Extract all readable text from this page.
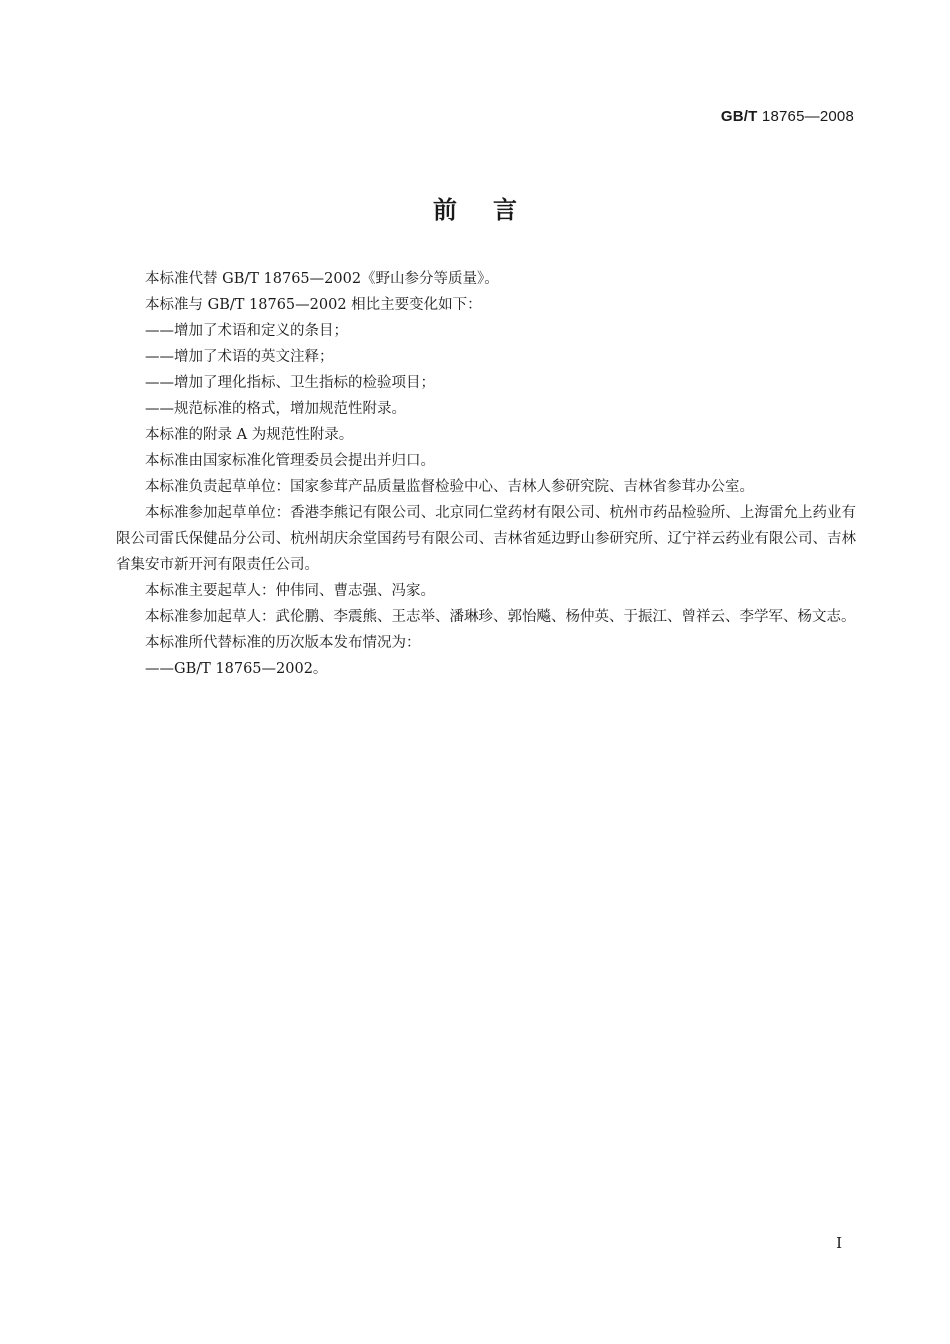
GB/T 18765—2008
前言

本标准代替 GB/T 18765—2002《野山参分等质量》。

本标准与 GB/T 18765—2002 相比主要变化如下：

——增加了术语和定义的条目；

——增加了术语的英文注释；

——增加了理化指标、卫生指标的检验项目；

——规范标准的格式，增加规范性附录。

本标准的附录 A 为规范性附录。

本标准由国家标准化管理委员会提出并归口。

本标准负责起草单位：国家参茸产品质量监督检验中心、吉林人参研究院、吉林省参茸办公室。

本标准参加起草单位：香港李熊记有限公司、北京同仁堂药材有限公司、杭州市药品检验所、上海雷允上药业有限公司雷氏保健品分公司、杭州胡庆余堂国药号有限公司、吉林省延边野山参研究所、辽宁祥云药业有限公司、吉林省集安市新开河有限责任公司。

本标准主要起草人：仲伟同、曹志强、冯家。

本标准参加起草人：武伦鹏、李震熊、王志举、潘琳珍、郭怡飚、杨仲英、于振江、曾祥云、李学军、杨文志。

本标准所代替标准的历次版本发布情况为：

——GB/T 18765—2002。

I
